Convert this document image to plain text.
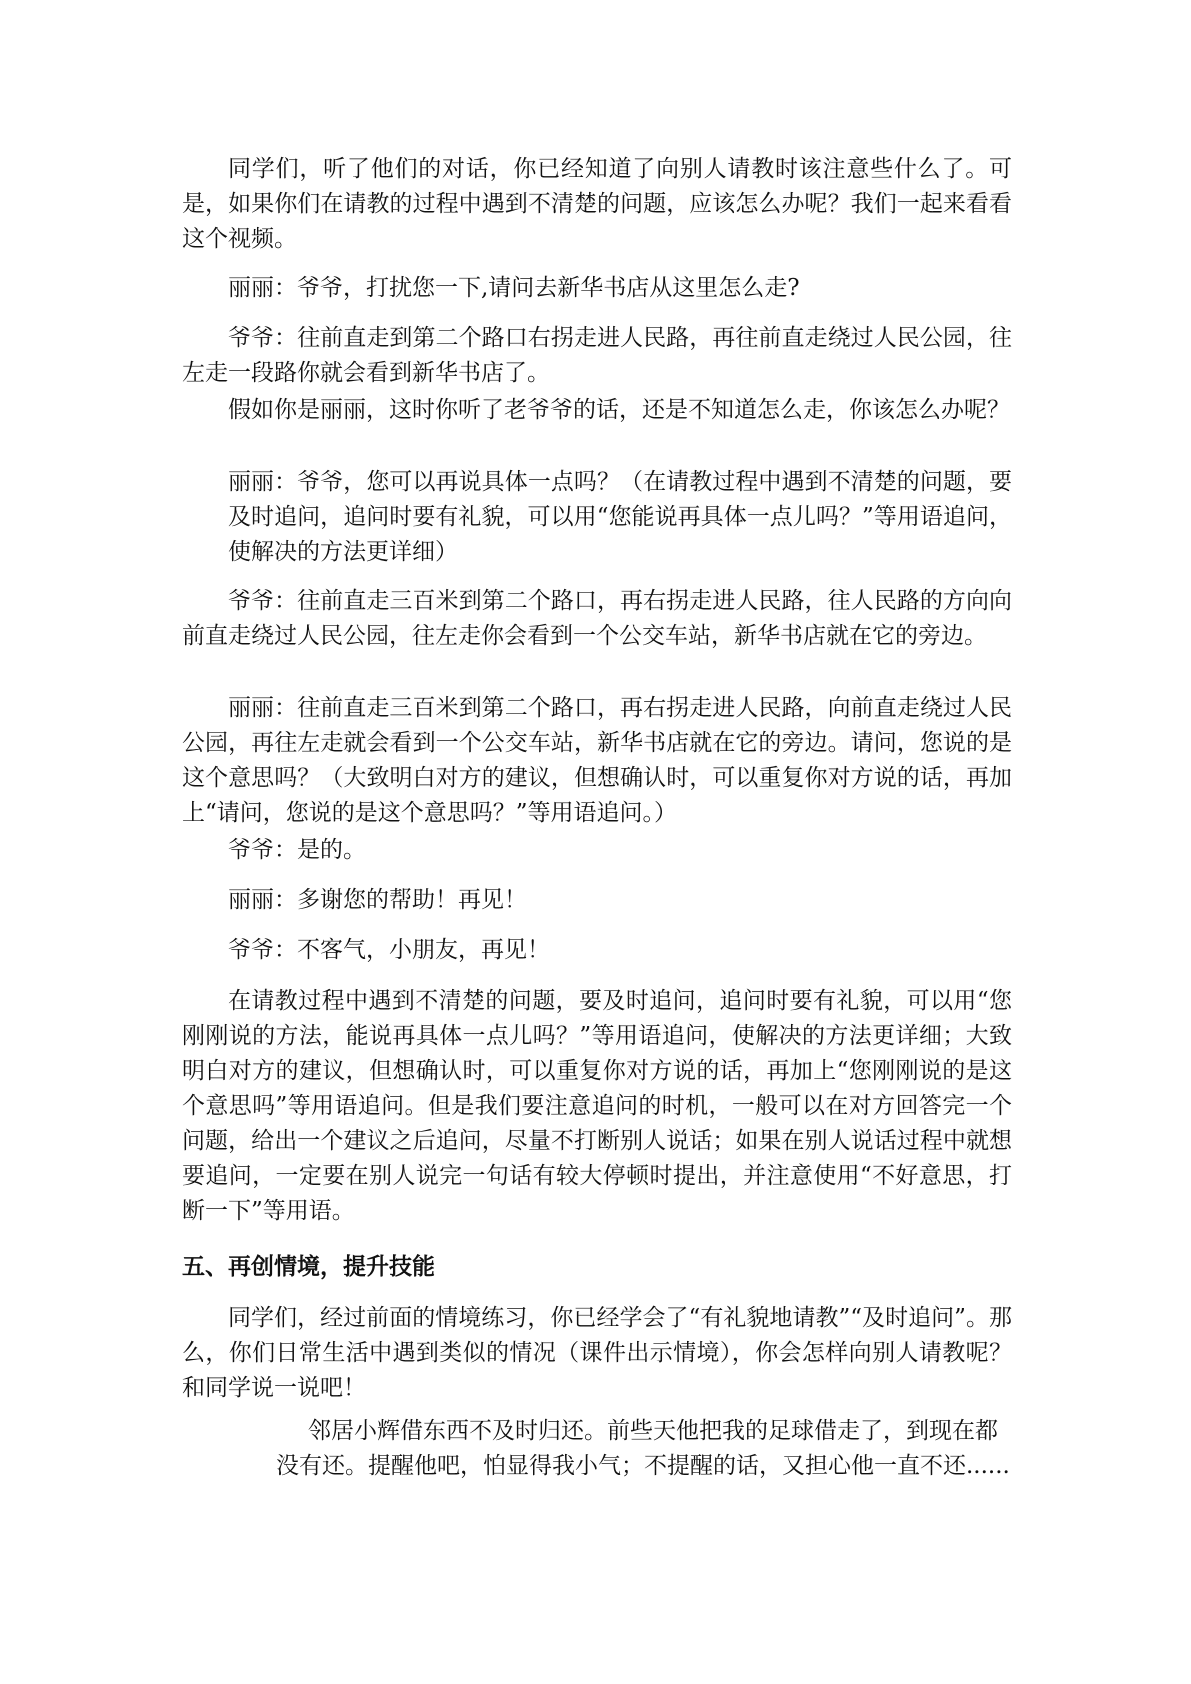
同学们，听了他们的对话，你已经知道了向别人请教时该注意些什么了。可是，如果你们在请教的过程中遇到不清楚的问题，应该怎么办呢？我们一起来看看这个视频。

丽丽：爷爷，打扰您一下,请问去新华书店从这里怎么走?

爷爷：往前直走到第二个路口右拐走进人民路，再往前直走绕过人民公园，往左走一段路你就会看到新华书店了。

假如你是丽丽，这时你听了老爷爷的话，还是不知道怎么走，你该怎么办呢？

丽丽：爷爷，您可以再说具体一点吗？（在请教过程中遇到不清楚的问题，要及时追问，追问时要有礼貌，可以用“您能说再具体一点儿吗？”等用语追问，使解决的方法更详细）

爷爷：往前直走三百米到第二个路口，再右拐走进人民路，往人民路的方向向前直走绕过人民公园，往左走你会看到一个公交车站，新华书店就在它的旁边。

丽丽：往前直走三百米到第二个路口，再右拐走进人民路，向前直走绕过人民公园，再往左走就会看到一个公交车站，新华书店就在它的旁边。请问，您说的是这个意思吗？（大致明白对方的建议，但想确认时，可以重复你对方说的话，再加上“请问，您说的是这个意思吗？”等用语追问。）

爷爷：是的。

丽丽：多谢您的帮助！再见！

爷爷：不客气，小朋友，再见！

在请教过程中遇到不清楚的问题，要及时追问，追问时要有礼貌，可以用“您刚刚说的方法，能说再具体一点儿吗？”等用语追问，使解决的方法更详细；大致明白对方的建议，但想确认时，可以重复你对方说的话，再加上“您刚刚说的是这个意思吗”等用语追问。但是我们要注意追问的时机，一般可以在对方回答完一个问题，给出一个建议之后追问，尽量不打断别人说话；如果在别人说话过程中就想要追问，一定要在别人说完一句话有较大停顿时提出，并注意使用“不好意思，打断一下”等用语。

五、再创情境，提升技能

同学们，经过前面的情境练习，你已经学会了“有礼貌地请教”“及时追问”。那么，你们日常生活中遇到类似的情况（课件出示情境），你会怎样向别人请教呢？和同学说一说吧！

邻居小辉借东西不及时归还。前些天他把我的足球借走了，到现在都没有还。提醒他吧，怕显得我小气；不提醒的话，又担心他一直不还......
